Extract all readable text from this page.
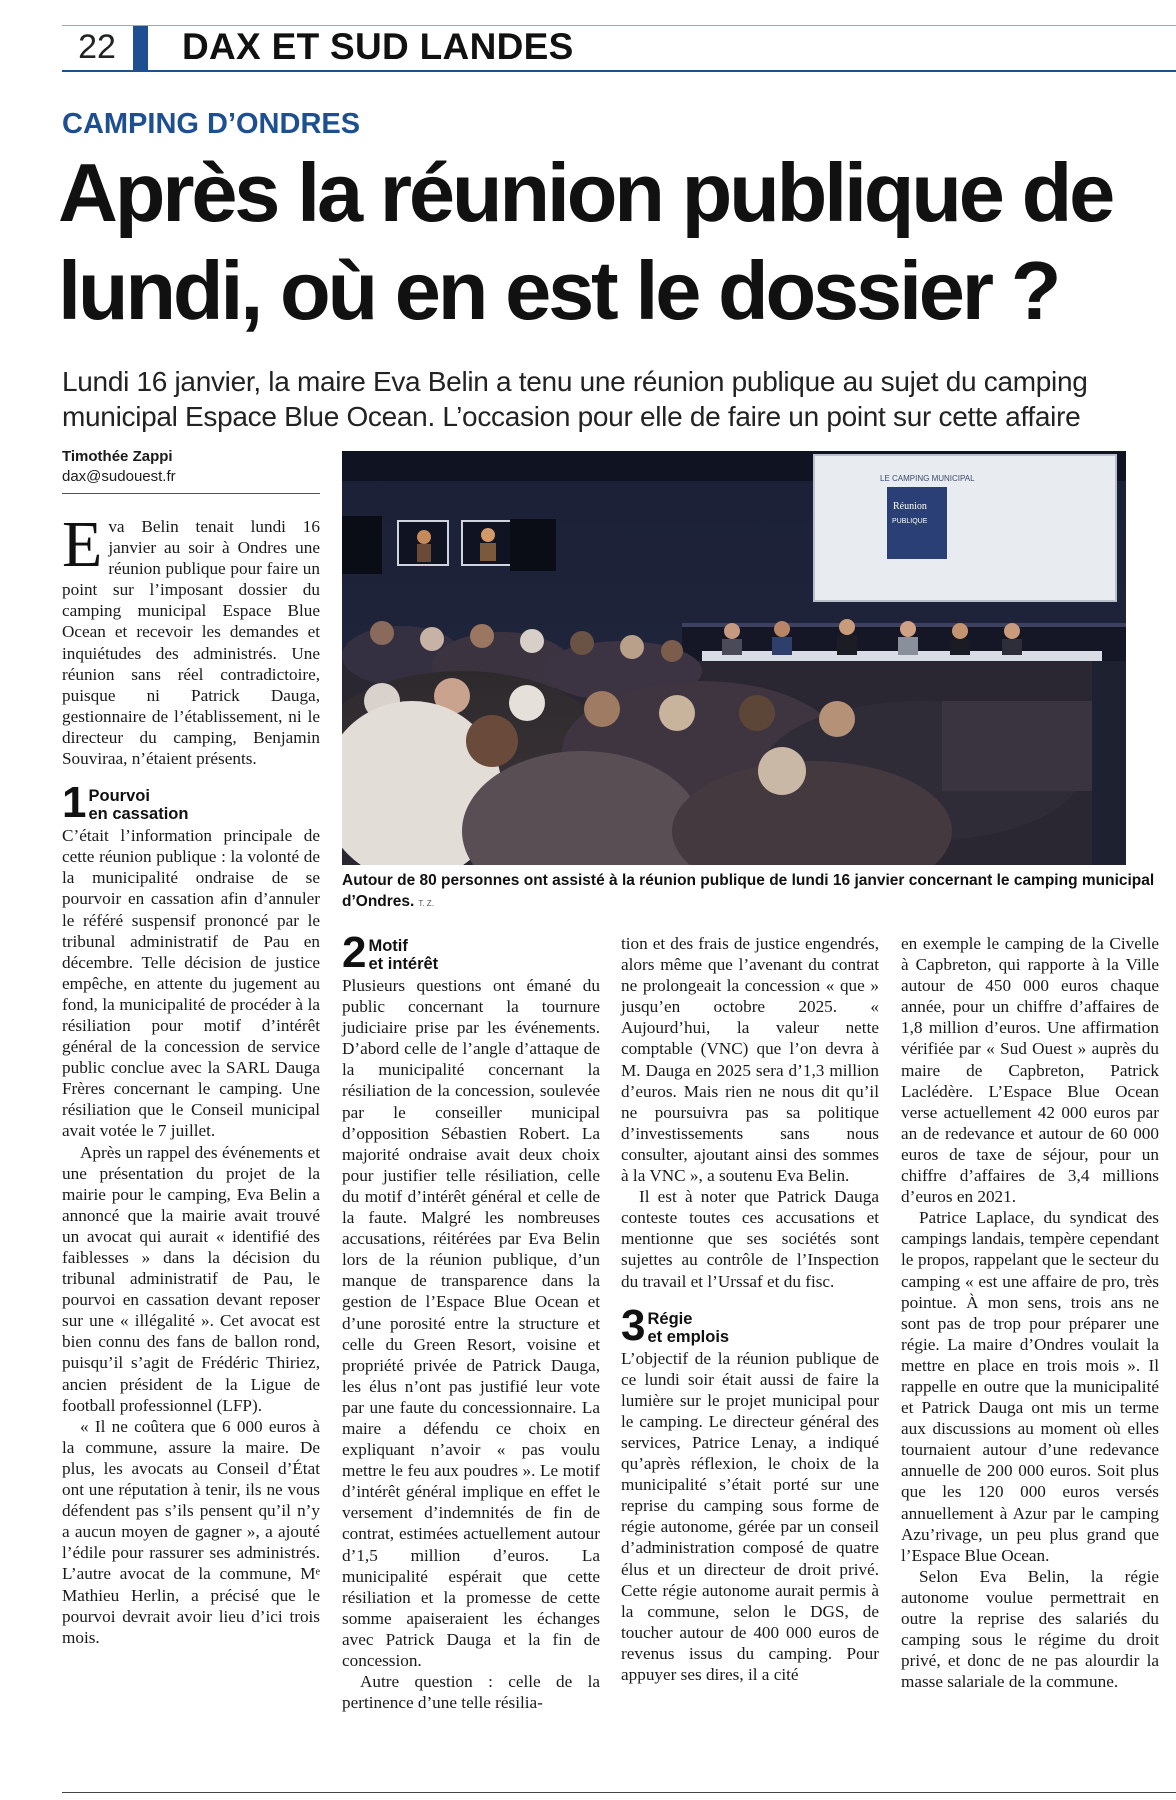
22	DAX ET SUD LANDES
CAMPING D’ONDRES
Après la réunion publique de
lundi, où en est le dossier ?
Lundi 16 janvier, la maire Eva Belin a tenu une réunion publique au sujet du camping
municipal Espace Blue Ocean. L’occasion pour elle de faire un point sur cette affaire
Timothée Zappi
dax@sudouest.fr	LE CAMPING MUNICIPAL
Réunion
PUBLIQUE
Autour de 80 personnes ont assisté à la réunion publique de lundi 16 janvier concernant le camping municipal d’Ondres. T. Z.

Eva Belin tenait lundi 16 janvier au soir à Ondres une réunion publique pour faire un point sur l’imposant dossier du camping municipal Espace Blue Ocean et recevoir les demandes et inquiétudes des administrés. Une réunion sans réel contradictoire, puisque ni Patrick Dauga, gestionnaire de l’établissement, ni le directeur du camping, Benjamin Souviraa, n’étaient présents.

1 Pourvoi
en cassation

C’était l’information principale de cette réunion publique : la volonté de la municipalité ondraise de se pourvoir en cassation afin d’annuler le référé suspensif prononcé par le tribunal administratif de Pau en décembre. Telle décision de justice empêche, en attente du jugement au fond, la municipalité de procéder à la résiliation pour motif d’intérêt général de la concession de service public conclue avec la SARL Dauga Frères concernant le camping. Une résiliation que le Conseil municipal avait votée le 7 juillet.

Après un rappel des événements et une présentation du projet de la mairie pour le camping, Eva Belin a annoncé que la mairie avait trouvé un avocat qui aurait « identifié des faiblesses » dans la décision du tribunal administratif de Pau, le pourvoi en cassation devant reposer sur une « illégalité ». Cet avocat est bien connu des fans de ballon rond, puisqu’il s’agit de Frédéric Thiriez, ancien président de la Ligue de football professionnel (LFP).

« Il ne coûtera que 6 000 euros à la commune, assure la maire. De plus, les avocats au Conseil d’État ont une réputation à tenir, ils ne vous défendent pas s’ils pensent qu’il n’y a aucun moyen de gagner », a ajouté l’édile pour rassurer ses administrés. L’autre avocat de la commune, Mᵉ Mathieu Herlin, a précisé que le pourvoi devrait avoir lieu d’ici trois mois.

2 Motif
et intérêt

Plusieurs questions ont émané du public concernant la tournure judiciaire prise par les événements. D’abord celle de l’angle d’attaque de la municipalité concernant la résiliation de la concession, soulevée par le conseiller municipal d’opposition Sébastien Robert. La majorité ondraise avait deux choix pour justifier telle résiliation, celle du motif d’intérêt général et celle de la faute. Malgré les nombreuses accusations, réitérées par Eva Belin lors de la réunion publique, d’un manque de transparence dans la gestion de l’Espace Blue Ocean et d’une porosité entre la structure et celle du Green Resort, voisine et propriété privée de Patrick Dauga, les élus n’ont pas justifié leur vote par une faute du concessionnaire. La maire a défendu ce choix en expliquant n’avoir « pas voulu mettre le feu aux poudres ». Le motif d’intérêt général implique en effet le versement d’indemnités de fin de contrat, estimées actuellement autour d’1,5 million d’euros. La municipalité espérait que cette résiliation et la promesse de cette somme apaiseraient les échanges avec Patrick Dauga et la fin de concession.

Autre question : celle de la pertinence d’une telle résilia-

tion et des frais de justice engendrés, alors même que l’avenant du contrat ne prolongeait la concession « que » jusqu’en octobre 2025. « Aujourd’hui, la valeur nette comptable (VNC) que l’on devra à M. Dauga en 2025 sera d’1,3 million d’euros. Mais rien ne nous dit qu’il ne poursuivra pas sa politique d’investissements sans nous consulter, ajoutant ainsi des sommes à la VNC », a soutenu Eva Belin.

Il est à noter que Patrick Dauga conteste toutes ces accusations et mentionne que ses sociétés sont sujettes au contrôle de l’Inspection du travail et l’Urssaf et du fisc.

3 Régie
et emplois

L’objectif de la réunion publique de ce lundi soir était aussi de faire la lumière sur le projet municipal pour le camping. Le directeur général des services, Patrice Lenay, a indiqué qu’après réflexion, le choix de la municipalité s’était porté sur une reprise du camping sous forme de régie autonome, gérée par un conseil d’administration composé de quatre élus et un directeur de droit privé. Cette régie autonome aurait permis à la commune, selon le DGS, de toucher autour de 400 000 euros de revenus issus du camping. Pour appuyer ses dires, il a cité

en exemple le camping de la Civelle à Capbreton, qui rapporte à la Ville autour de 450 000 euros chaque année, pour un chiffre d’affaires de 1,8 million d’euros. Une affirmation vérifiée par « Sud Ouest » auprès du maire de Capbreton, Patrick Laclédère. L’Espace Blue Ocean verse actuellement 42 000 euros par an de redevance et autour de 60 000 euros de taxe de séjour, pour un chiffre d’affaires de 3,4 millions d’euros en 2021.

Patrice Laplace, du syndicat des campings landais, tempère cependant le propos, rappelant que le secteur du camping « est une affaire de pro, très pointue. À mon sens, trois ans ne sont pas de trop pour préparer une régie. La maire d’Ondres voulait la mettre en place en trois mois ». Il rappelle en outre que la municipalité et Patrick Dauga ont mis un terme aux discussions au moment où elles tournaient autour d’une redevance annuelle de 200 000 euros. Soit plus que les 120 000 euros versés annuellement à Azur par le camping Azu’rivage, un peu plus grand que l’Espace Blue Ocean.

Selon Eva Belin, la régie autonome voulue permettrait en outre la reprise des salariés du camping sous le régime du droit privé, et donc de ne pas alourdir la masse salariale de la commune.
